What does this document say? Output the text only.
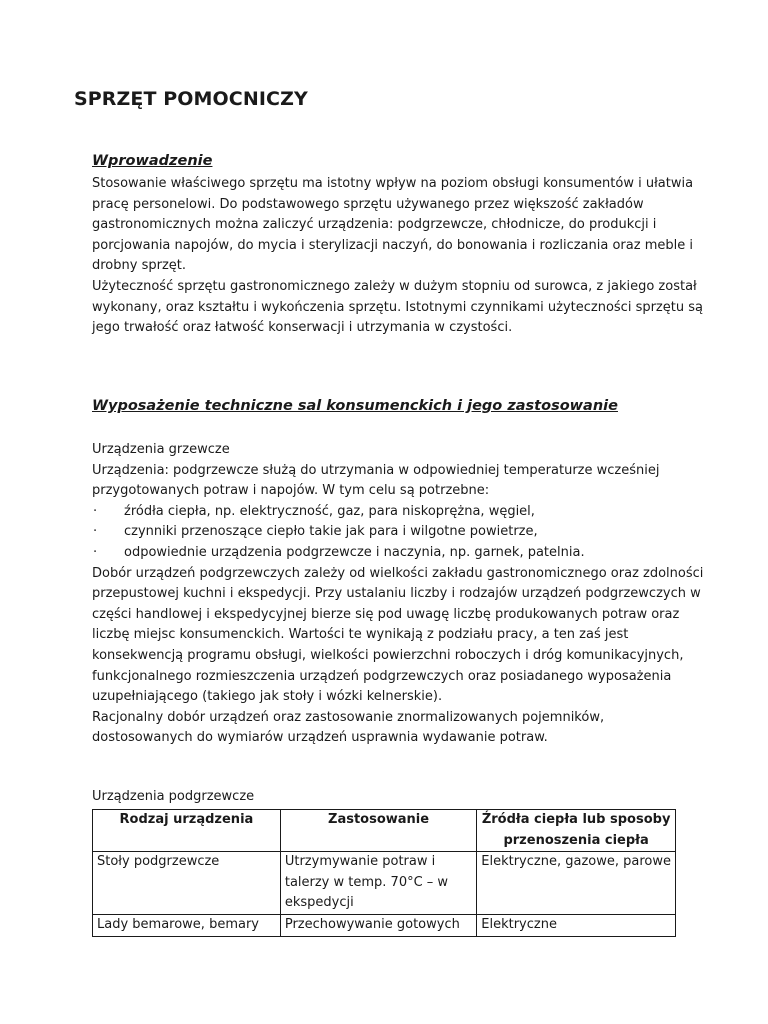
SPRZĘT POMOCNICZY
Wprowadzenie
Stosowanie właściwego sprzętu ma istotny wpływ na poziom obsługi konsumentów i ułatwia
pracę personelowi. Do podstawowego sprzętu używanego przez większość zakładów
gastronomicznych można zaliczyć urządzenia: podgrzewcze, chłodnicze, do produkcji i
porcjowania napojów, do mycia i sterylizacji naczyń, do bonowania i rozliczania oraz meble i
drobny sprzęt.
Użyteczność sprzętu gastronomicznego zależy w dużym stopniu od surowca, z jakiego został
wykonany, oraz kształtu i wykończenia sprzętu. Istotnymi czynnikami użyteczności sprzętu są
jego trwałość oraz łatwość konserwacji i utrzymania w czystości.
Wyposażenie techniczne sal konsumenckich i jego zastosowanie
Urządzenia grzewcze
Urządzenia: podgrzewcze służą do utrzymania w odpowiedniej temperaturze wcześniej
przygotowanych potraw i napojów. W tym celu są potrzebne:
·	źródła ciepła, np. elektryczność, gaz, para niskoprężna, węgiel,
·	czynniki przenoszące ciepło takie jak para i wilgotne powietrze,
·	odpowiednie urządzenia podgrzewcze i naczynia, np. garnek, patelnia.
Dobór urządzeń podgrzewczych zależy od wielkości zakładu gastronomicznego oraz zdolności
przepustowej kuchni i ekspedycji. Przy ustalaniu liczby i rodzajów urządzeń podgrzewczych w
części handlowej i ekspedycyjnej bierze się pod uwagę liczbę produkowanych potraw oraz
liczbę miejsc konsumenckich. Wartości te wynikają z podziału pracy, a ten zaś jest
konsekwencją programu obsługi, wielkości powierzchni roboczych i dróg komunikacyjnych,
funkcjonalnego rozmieszczenia urządzeń podgrzewczych oraz posiadanego wyposażenia
uzupełniającego (takiego jak stoły i wózki kelnerskie).
Racjonalny dobór urządzeń oraz zastosowanie znormalizowanych pojemników,
dostosowanych do wymiarów urządzeń usprawnia wydawanie potraw.
Urządzenia podgrzewcze
Rodzaj urządzenia	Zastosowanie	Źródła ciepła lub sposoby
przenoszenia ciepła

Stoły podgrzewcze	Utrzymywanie potraw i
talerzy w temp. 70°C – w
ekspedycji	Elektryczne, gazowe, parowe
Lady bemarowe, bemary	Przechowywanie gotowych	Elektryczne
